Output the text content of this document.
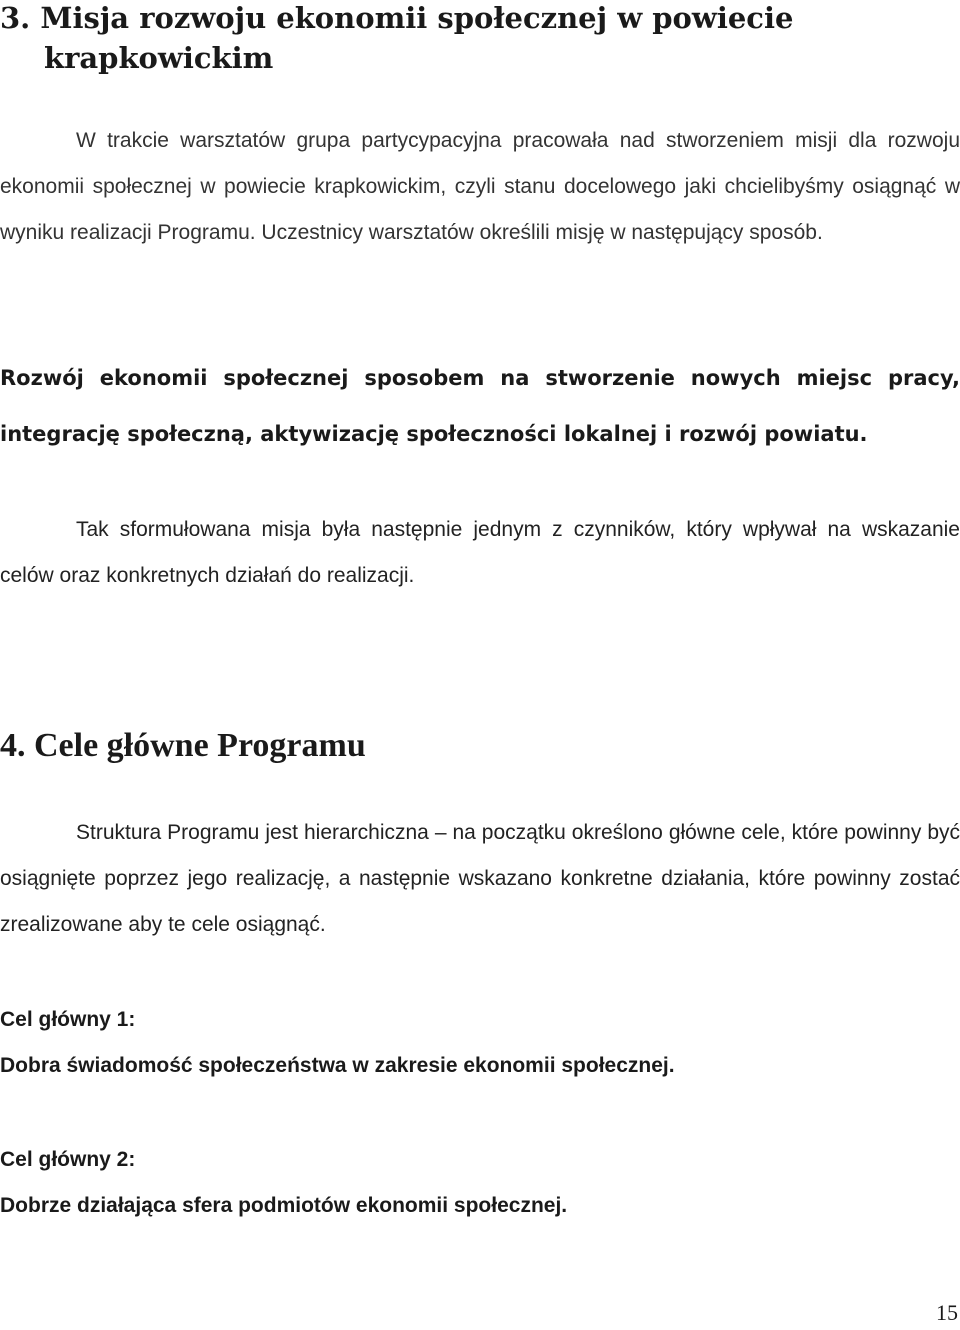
3. Misja rozwoju ekonomii społecznej w powiecie
krapkowickim

W trakcie warsztatów grupa partycypacyjna pracowała nad stworzeniem misji dla rozwoju ekonomii społecznej w powiecie krapkowickim, czyli stanu docelowego jaki chcielibyśmy osiągnąć w wyniku realizacji Programu. Uczestnicy warsztatów określili misję w następujący sposób.

Rozwój ekonomii społecznej sposobem na stworzenie nowych miejsc pracy, integrację społeczną, aktywizację społeczności lokalnej i rozwój powiatu.

Tak sformułowana misja była następnie jednym z czynników, który wpływał na wskazanie celów oraz konkretnych działań do realizacji.

4. Cele główne Programu

Struktura Programu jest hierarchiczna – na początku określono główne cele, które powinny być osiągnięte poprzez jego realizację, a następnie wskazano konkretne działania, które powinny zostać zrealizowane aby te cele osiągnąć.

Cel główny 1:

Dobra świadomość społeczeństwa w zakresie ekonomii społecznej.

Cel główny 2:

Dobrze działająca sfera podmiotów ekonomii społecznej.

15
